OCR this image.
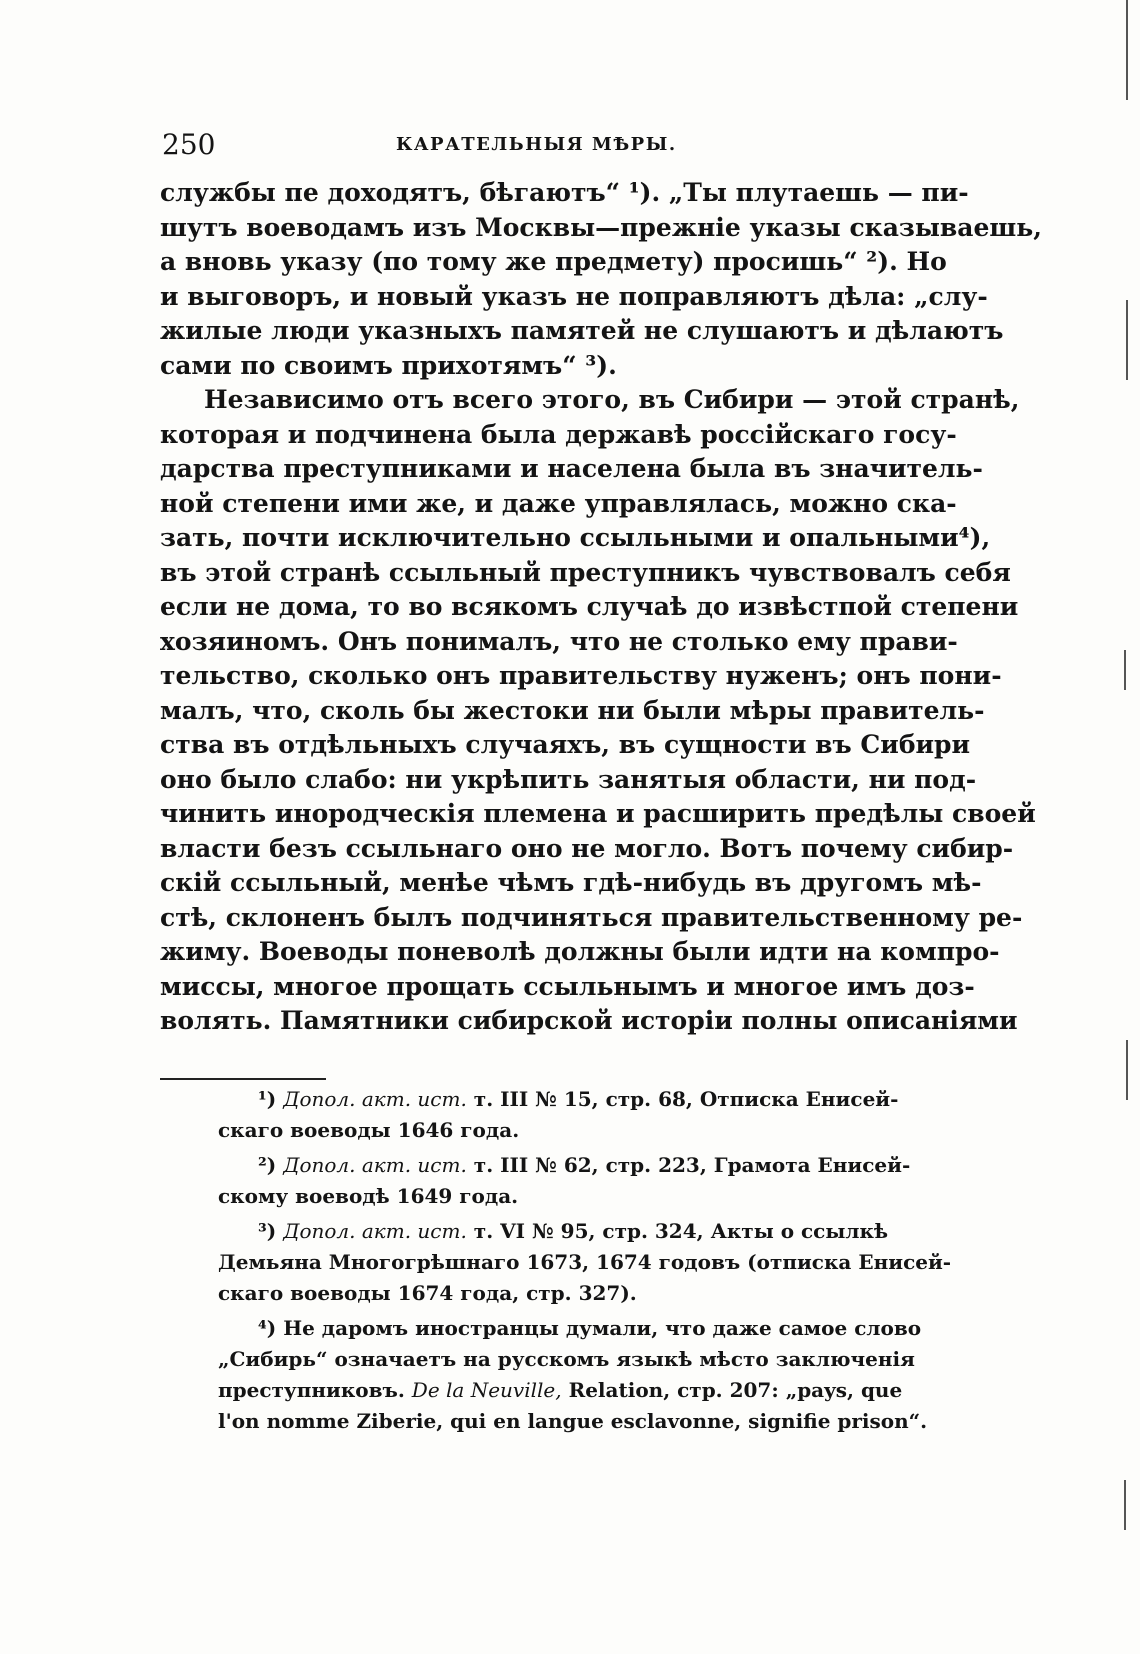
250	КАРАТЕЛЬНЫЯ МѢРЫ.
службы пе доходятъ, бѣгаютъ“ ¹). „Ты плутаешь — пи-
шутъ воеводамъ изъ Москвы—прежніе указы сказываешь,
а вновь указу (по тому же предмету) просишь“ ²). Но
и выговоръ, и новый указъ не поправляютъ дѣла: „слу-
жилые люди указныхъ памятей не слушаютъ и дѣлаютъ
сами по своимъ прихотямъ“ ³).
Независимо отъ всего этого, въ Сибири — этой странѣ,
которая и подчинена была державѣ россійскаго госу-
дарства преступниками и населена была въ значитель-
ной степени ими же, и даже управлялась, можно ска-
зать, почти исключительно ссыльными и опальными⁴),
въ этой странѣ ссыльный преступникъ чувствовалъ себя
если не дома, то во всякомъ случаѣ до извѣстпой степени
хозяиномъ. Онъ понималъ, что не столько ему прави-
тельство, сколько онъ правительству нуженъ; онъ пони-
малъ, что, сколь бы жестоки ни были мѣры правитель-
ства въ отдѣльныхъ случаяхъ, въ сущности въ Сибири
оно было слабо: ни укрѣпить занятыя области, ни под-
чинить инородческія племена и расширить предѣлы своей
власти безъ ссыльнаго оно не могло. Вотъ почему сибир-
скій ссыльный, менѣе чѣмъ гдѣ-нибудь въ другомъ мѣ-
стѣ, склоненъ былъ подчиняться правительственному ре-
жиму. Воеводы поневолѣ должны были идти на компро-
миссы, многое прощать ссыльнымъ и многое имъ доз-
волять. Памятники сибирской исторіи полны описаніями
¹) Допол. акт. ист. т. III № 15, стр. 68, Отписка Енисей-
скаго воеводы 1646 года.
²) Допол. акт. ист. т. III № 62, стр. 223, Грамота Енисей-
скому воеводѣ 1649 года.
³) Допол. акт. ист. т. VI № 95, стр. 324, Акты о ссылкѣ
Демьяна Многогрѣшнаго 1673, 1674 годовъ (отписка Енисей-
скаго воеводы 1674 года, стр. 327).
⁴) Не даромъ иностранцы думали, что даже самое слово
„Сибирь“ означаетъ на русскомъ языкѣ мѣсто заключенія
преступниковъ. De la Neuville, Relation, стр. 207: „pays, que
l'on nomme Ziberie, qui en langue esclavonne, signifie prison“.
